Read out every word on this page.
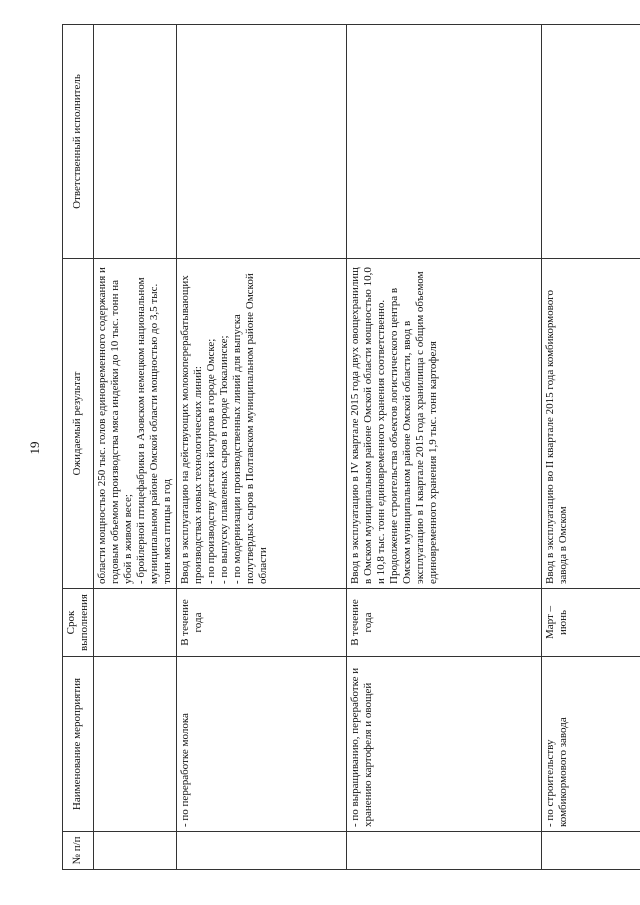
19
№ п/п	Наименование мероприятия	Срок выполнения	Ожидаемый результат	Ответственный исполнитель

			области мощностью 250 тыс. голов единовременного содержания и годовым объемом производства мяса индейки до 10 тыс. тонн на убой в живом весе; - бройлерной птицефабрики в Азовском немецком национальном муниципальном районе Омской области мощностью до 3,5 тыс. тонн мяса птицы в год	

	- по переработке молока	В течение года	Ввод в эксплуатацию на действующих молокоперерабатывающих производствах новых технологических линий: - по производству детских йогуртов в городе Омске; - по выпуску плавленых сыров в городе Тюкалинске; - по модернизации производственных линий для выпуска полутвердых сыров в Полтавском муниципальном районе Омской области	

	- по выращиванию, переработке и хранению картофеля и овощей	В течение года	Ввод в эксплуатацию в IV квартале 2015 года двух овощехранилищ в Омском муниципальном районе Омской области мощностью 10,0 и 10,8 тыс. тонн единовременного хранения соответственно. Продолжение строительства объектов логистического центра в Омском муниципальном районе Омской области, ввод в эксплуатацию в I квартале 2015 года хранилища с общим объемом единовременного хранения 1,9 тыс. тонн картофеля	

	- по строительству комбикормового завода	Март – июнь	Ввод в эксплуатацию во II квартале 2015 года комбикормового завода в Омском	
